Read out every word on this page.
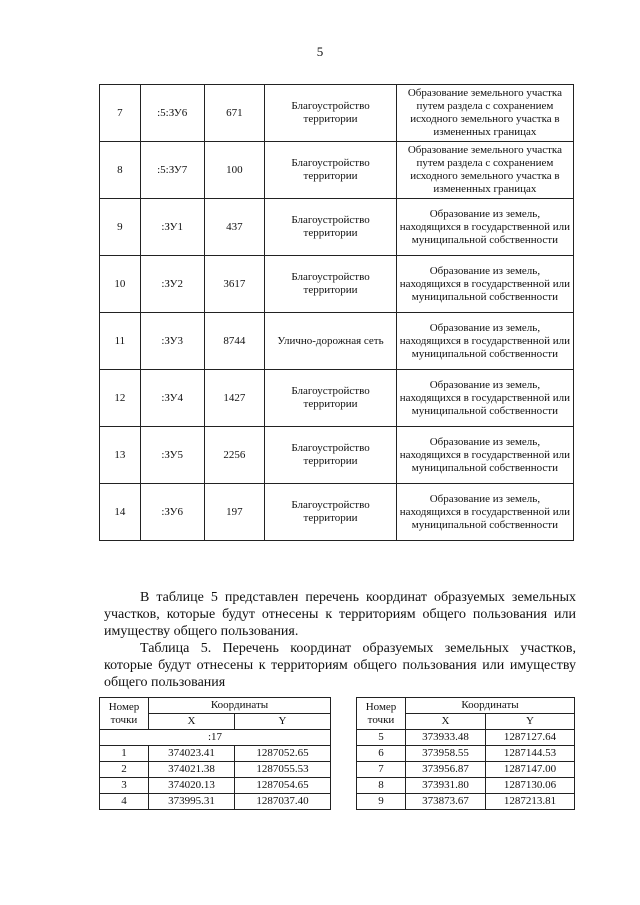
5
7	:5:ЗУ6	671	Благоустройство территории	Образование земельного участка путем раздела с сохранением исходного земельного участка в измененных границах
8	:5:ЗУ7	100	Благоустройство территории	Образование земельного участка путем раздела с сохранением исходного земельного участка в измененных границах
9	:ЗУ1	437	Благоустройство территории	Образование из земель, находящихся в государственной или муниципальной собственности
10	:ЗУ2	3617	Благоустройство территории	Образование из земель, находящихся в государственной или муниципальной собственности
11	:ЗУ3	8744	Улично-дорожная сеть	Образование из земель, находящихся в государственной или муниципальной собственности
12	:ЗУ4	1427	Благоустройство территории	Образование из земель, находящихся в государственной или муниципальной собственности
13	:ЗУ5	2256	Благоустройство территории	Образование из земель, находящихся в государственной или муниципальной собственности
14	:ЗУ6	197	Благоустройство территории	Образование из земель, находящихся в государственной или муниципальной собственности

В таблице 5 представлен перечень координат образуемых земельных участков, которые будут отнесены к территориям общего пользования или имуществу общего пользования.

Таблица 5. Перечень координат образуемых земельных участков, которые будут отнесены к территориям общего пользования или имуществу общего пользования

Номер точки	Координаты	
	X	Y
:17		
1	374023.41	1287052.65
2	374021.38	1287055.53
3	374020.13	1287054.65
4	373995.31	1287037.40
Номер точки	Координаты	
	X	Y
5	373933.48	1287127.64
6	373958.55	1287144.53
7	373956.87	1287147.00
8	373931.80	1287130.06
9	373873.67	1287213.81
